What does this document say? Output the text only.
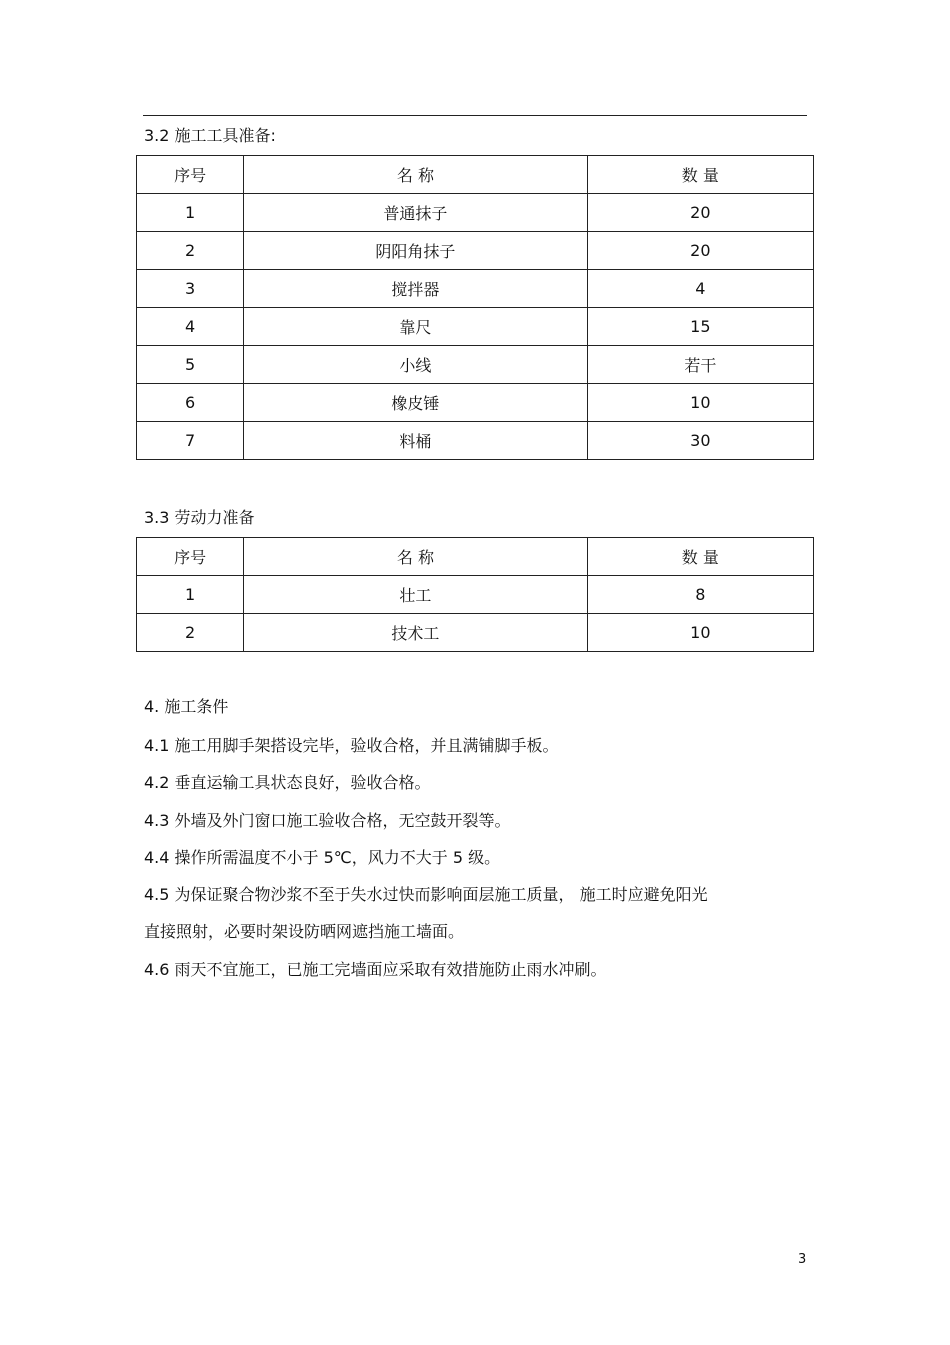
3.2 施工工具准备:
序号	名 称	数 量
1	普通抹子	20
2	阴阳角抹子	20
3	搅拌器	4
4	靠尺	15
5	小线	若干
6	橡皮锤	10
7	料桶	30
3.3 劳动力准备
序号	名 称	数 量
1	壮工	8
2	技术工	10
4. 施工条件
4.1 施工用脚手架搭设完毕，验收合格，并且满铺脚手板。
4.2 垂直运输工具状态良好，验收合格。
4.3 外墙及外门窗口施工验收合格，无空鼓开裂等。
4.4 操作所需温度不小于 5℃，风力不大于 5 级。
4.5 为保证聚合物沙浆不至于失水过快而影响面层施工质量， 施工时应避免阳光
直接照射，必要时架设防晒网遮挡施工墙面。
4.6 雨天不宜施工，已施工完墙面应采取有效措施防止雨水冲刷。
3
